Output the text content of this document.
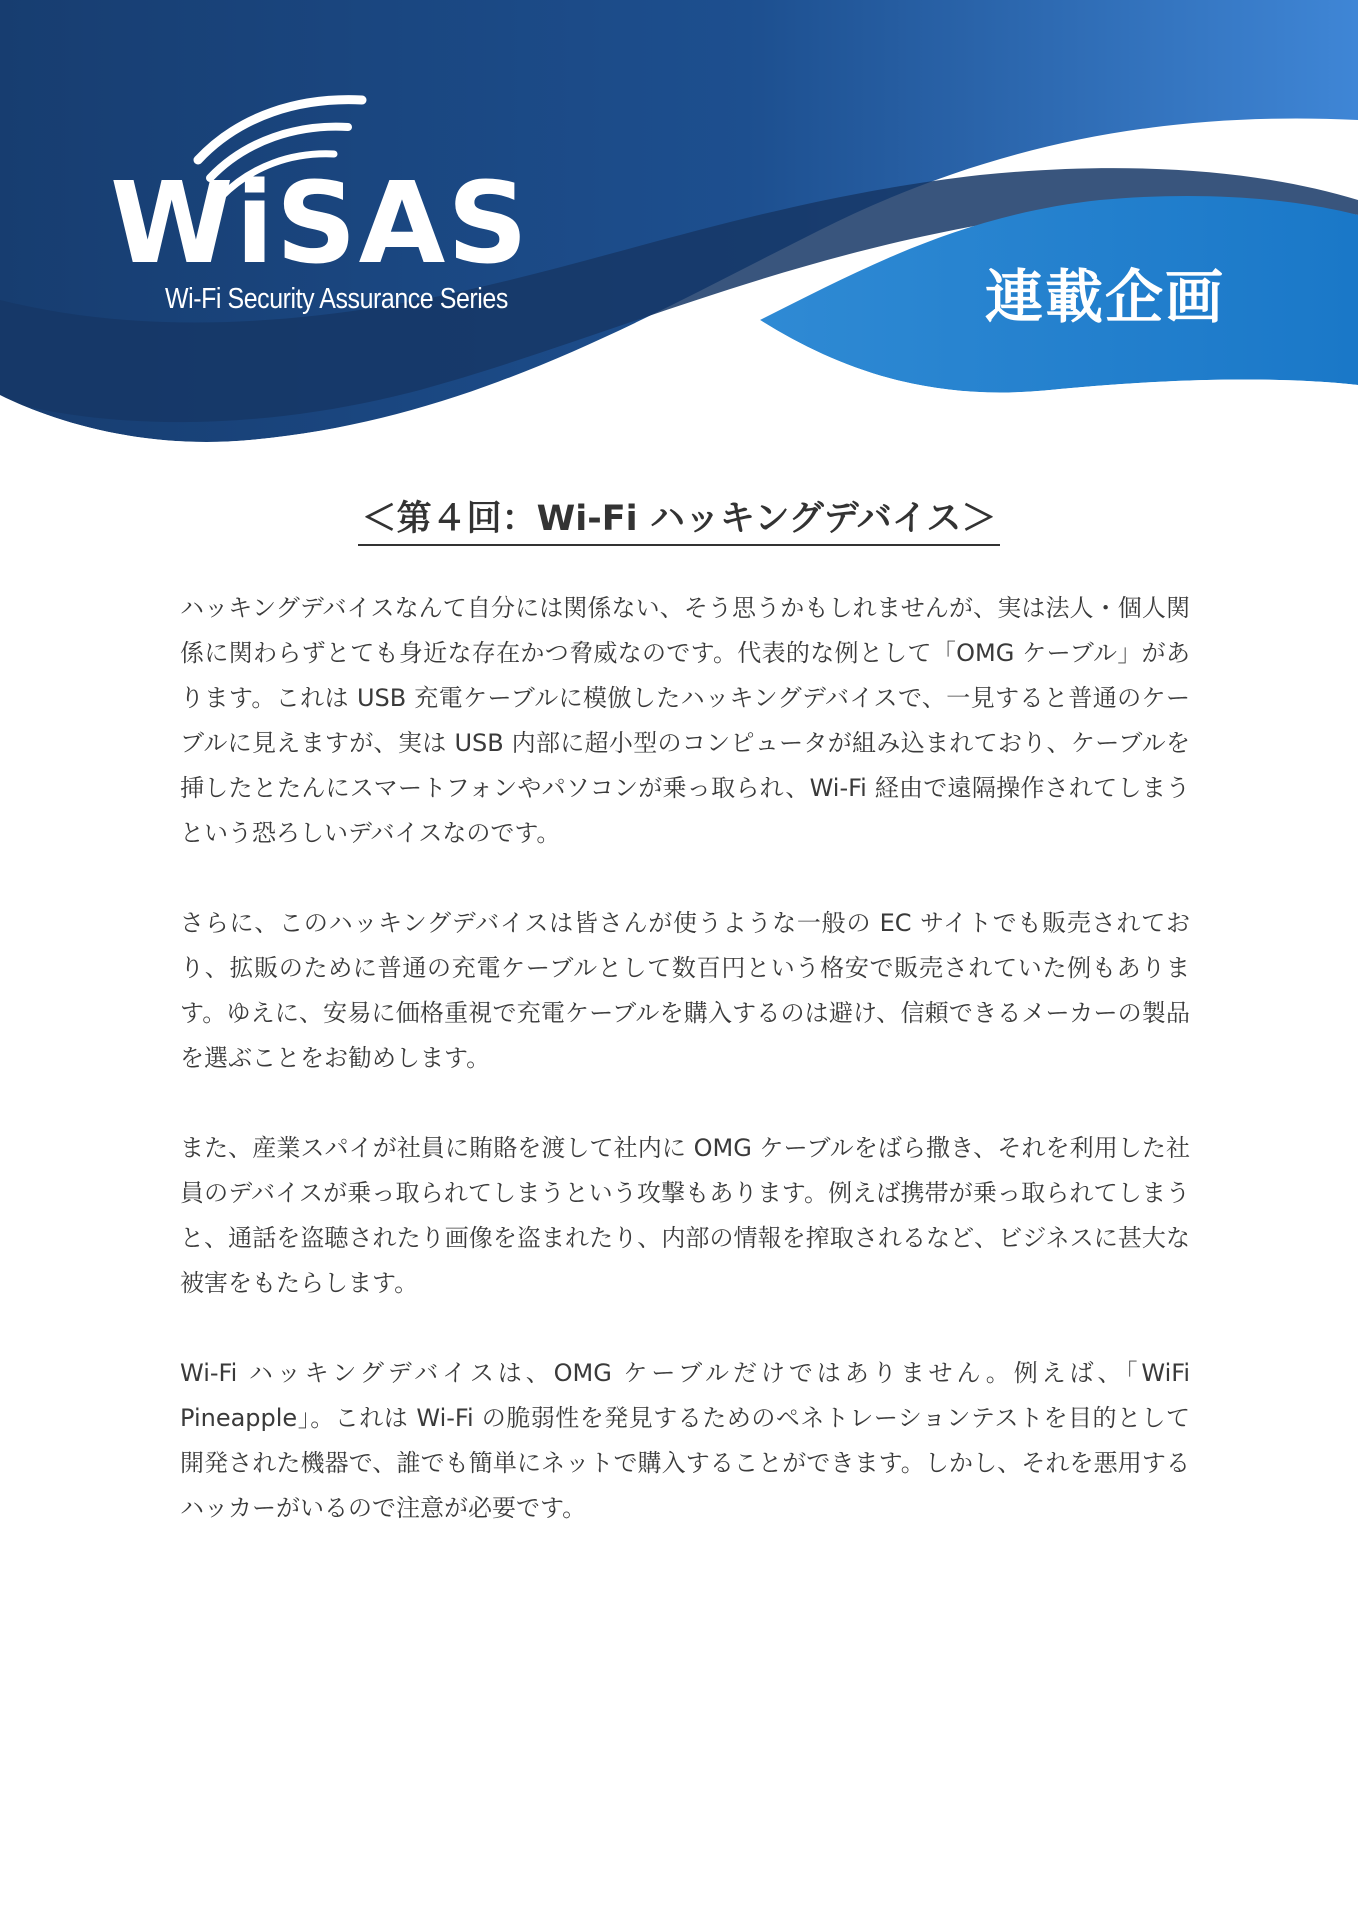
WiSAS
Wi-Fi Security Assurance Series	連載企画
＜第４回：Wi-Fi ハッキングデバイス＞

ハッキングデバイスなんて自分には関係ない、そう思うかもしれませんが、実は法人・個人関係に関わらずとても身近な存在かつ脅威なのです。代表的な例として「OMG ケーブル」があります。これは USB 充電ケーブルに模倣したハッキングデバイスで、一見すると普通のケーブルに見えますが、実は USB 内部に超小型のコンピュータが組み込まれており、ケーブルを挿したとたんにスマートフォンやパソコンが乗っ取られ、Wi-Fi 経由で遠隔操作されてしまうという恐ろしいデバイスなのです。

さらに、このハッキングデバイスは皆さんが使うような一般の EC サイトでも販売されており、拡販のために普通の充電ケーブルとして数百円という格安で販売されていた例もあります。ゆえに、安易に価格重視で充電ケーブルを購入するのは避け、信頼できるメーカーの製品を選ぶことをお勧めします。

また、産業スパイが社員に賄賂を渡して社内に OMG ケーブルをばら撒き、それを利用した社員のデバイスが乗っ取られてしまうという攻撃もあります。例えば携帯が乗っ取られてしまうと、通話を盗聴されたり画像を盗まれたり、内部の情報を搾取されるなど、ビジネスに甚大な被害をもたらします。

Wi-Fi ハッキングデバイスは、OMG ケーブルだけではありません。例えば、「WiFi Pineapple」。これは Wi-Fi の脆弱性を発見するためのペネトレーションテストを目的として開発された機器で、誰でも簡単にネットで購入することができます。しかし、それを悪用するハッカーがいるので注意が必要です。
